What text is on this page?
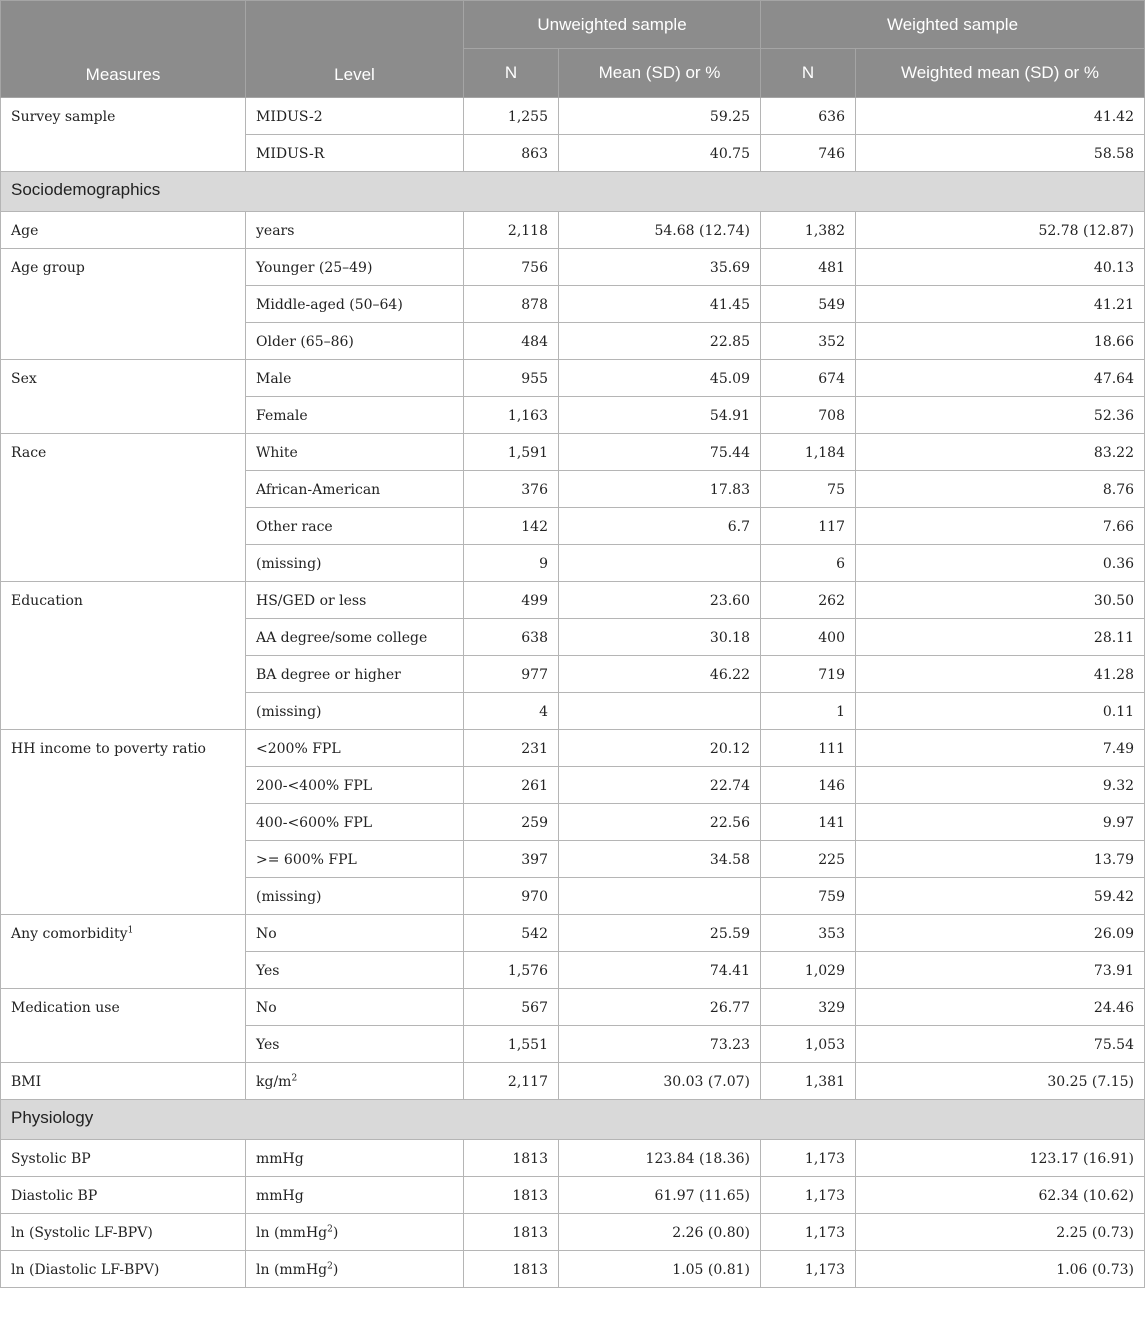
Measures	Level	Unweighted sample		Weighted sample	
		N	Mean (SD) or %	N	Weighted mean (SD) or %
Survey sample	MIDUS-2	1,255	59.25	636	41.42
	MIDUS-R	863	40.75	746	58.58
Sociodemographics					
Age	years	2,118	54.68 (12.74)	1,382	52.78 (12.87)
Age group	Younger (25–49)	756	35.69	481	40.13
	Middle-aged (50–64)	878	41.45	549	41.21
	Older (65–86)	484	22.85	352	18.66
Sex	Male	955	45.09	674	47.64
	Female	1,163	54.91	708	52.36
Race	White	1,591	75.44	1,184	83.22
	African-American	376	17.83	75	8.76
	Other race	142	6.7	117	7.66
	(missing)	9		6	0.36
Education	HS/GED or less	499	23.60	262	30.50
	AA degree/some college	638	30.18	400	28.11
	BA degree or higher	977	46.22	719	41.28
	(missing)	4		1	0.11
HH income to poverty ratio	<200% FPL	231	20.12	111	7.49
	200-<400% FPL	261	22.74	146	9.32
	400-<600% FPL	259	22.56	141	9.97
	>= 600% FPL	397	34.58	225	13.79
	(missing)	970		759	59.42
Any comorbidity$^1$	No	542	25.59	353	26.09
	Yes	1,576	74.41	1,029	73.91
Medication use	No	567	26.77	329	24.46
	Yes	1,551	73.23	1,053	75.54
BMI	$kg/m^2$	2,117	30.03 (7.07)	1,381	30.25 (7.15)
Physiology					
Systolic BP	mmHg	1813	123.84 (18.36)	1,173	123.17 (16.91)
Diastolic BP	mmHg	1813	61.97 (11.65)	1,173	62.34 (10.62)
ln (Systolic LF-BPV)	ln (mmHg$^2$)	1813	2.26 (0.80)	1,173	2.25 (0.73)
ln (Diastolic LF-BPV)	ln (mmHg$^2$)	1813	1.05 (0.81)	1,173	1.06 (0.73)
